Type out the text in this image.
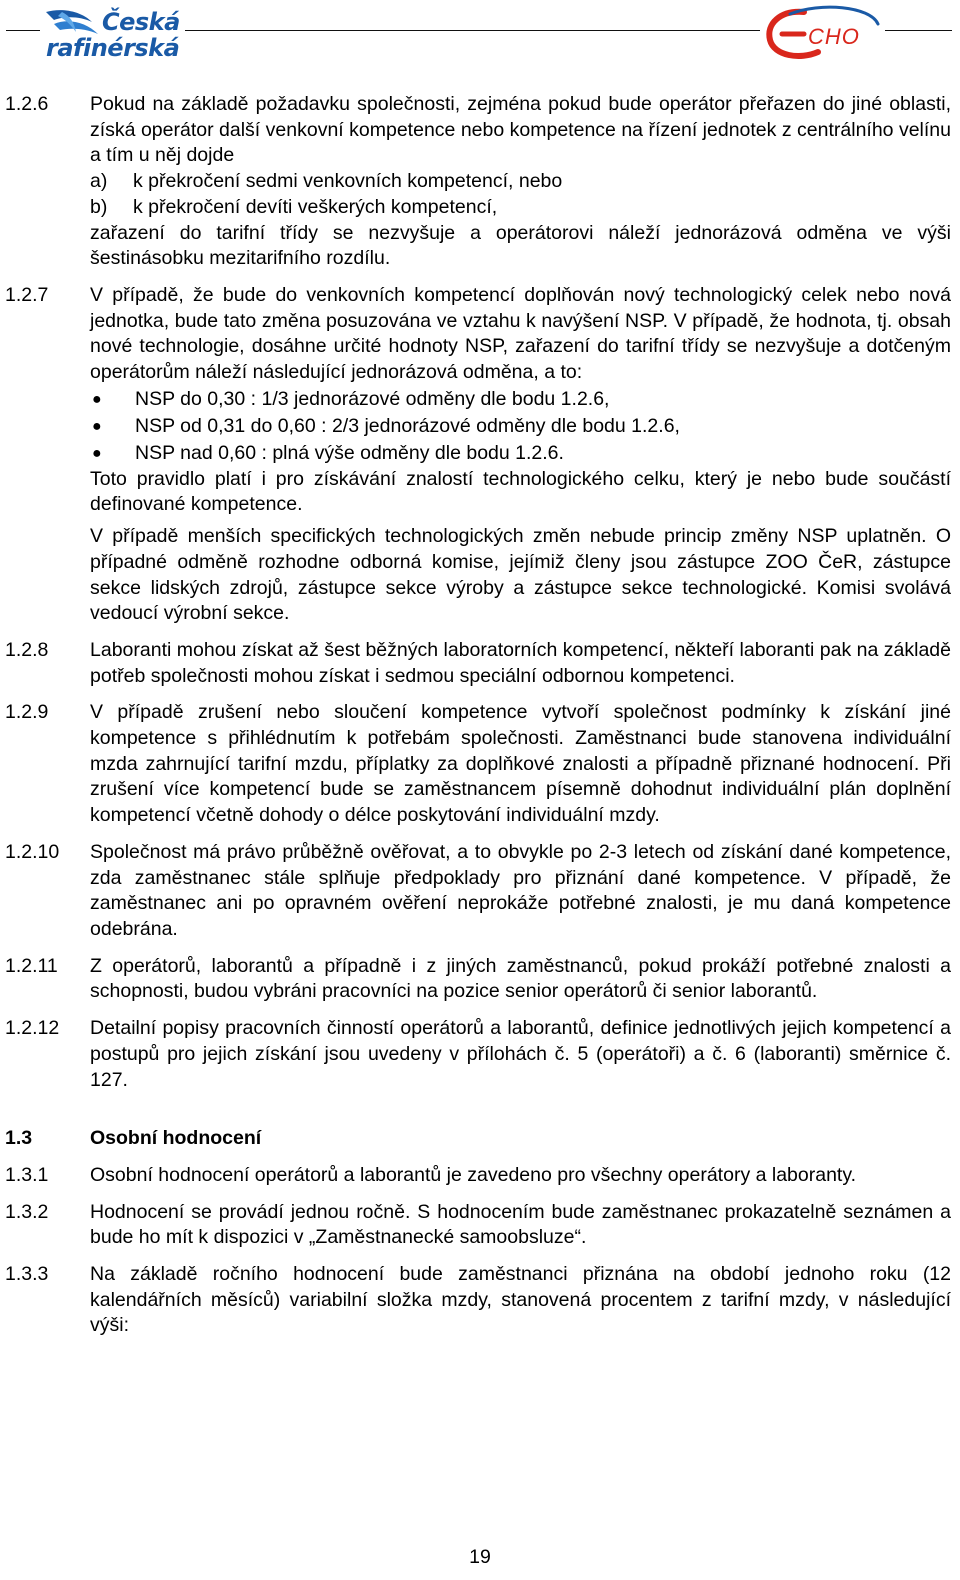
Česká
rafinérská	CHO
1.2.6	Pokud na základě požadavku společnosti, zejména pokud bude operátor přeřazen do jiné oblasti, získá operátor další venkovní kompetence nebo kompetence na řízení jednotek z centrálního velínu a tím u něj dojde

a)	k překročení sedmi venkovních kompetencí, nebo
b)	k překročení devíti veškerých kompetencí,

zařazení do tarifní třídy se nezvyšuje a operátorovi náleží jednorázová odměna ve výši šestinásobku mezitarifního rozdílu.

1.2.7	V případě, že bude do venkovních kompetencí doplňován nový technologický celek nebo nová jednotka, bude tato změna posuzována ve vztahu k navýšení NSP. V případě, že hodnota, tj. obsah nové technologie, dosáhne určité hodnoty NSP, zařazení do tarifní třídy se nezvyšuje a dotčeným operátorům náleží následující jednorázová odměna, a to:

●	NSP do 0,30 : 1/3 jednorázové odměny dle bodu 1.2.6,
●	NSP od 0,31 do 0,60 : 2/3 jednorázové odměny dle bodu 1.2.6,
●	NSP nad 0,60 : plná výše odměny dle bodu 1.2.6.

Toto pravidlo platí i pro získávání znalostí technologického celku, který je nebo bude součástí definované kompetence.

V případě menších specifických technologických změn nebude princip změny NSP uplatněn. O případné odměně rozhodne odborná komise, jejímiž členy jsou zástupce ZOO ČeR, zástupce sekce lidských zdrojů, zástupce sekce výroby a zástupce sekce technologické. Komisi svolává vedoucí výrobní sekce.

1.2.8	Laboranti mohou získat až šest běžných laboratorních kompetencí, někteří laboranti pak na základě potřeb společnosti mohou získat i sedmou speciální odbornou kompetenci.

1.2.9	V případě zrušení nebo sloučení kompetence vytvoří společnost podmínky k získání jiné kompetence s přihlédnutím k potřebám společnosti. Zaměstnanci bude stanovena individuální mzda zahrnující tarifní mzdu, příplatky za doplňkové znalosti a případně přiznané hodnocení. Při zrušení více kompetencí bude se zaměstnancem písemně dohodnut individuální plán doplnění kompetencí včetně dohody o délce poskytování individuální mzdy.

1.2.10	Společnost má právo průběžně ověřovat, a to obvykle po 2-3 letech od získání dané kompetence, zda zaměstnanec stále splňuje předpoklady pro přiznání dané kompetence. V případě, že zaměstnanec ani po opravném ověření neprokáže potřebné znalosti, je mu daná kompetence odebrána.

1.2.11	Z operátorů, laborantů a případně i z jiných zaměstnanců, pokud prokáží potřebné znalosti a schopnosti, budou vybráni pracovníci na pozice senior operátorů či senior laborantů.

1.2.12	Detailní popisy pracovních činností operátorů a laborantů, definice jednotlivých jejich kompetencí a postupů pro jejich získání jsou uvedeny v přílohách č. 5 (operátoři) a č. 6 (laboranti) směrnice č. 127.

1.3	Osobní hodnocení
1.3.1	Osobní hodnocení operátorů a laborantů je zavedeno pro všechny operátory a laboranty.

1.3.2	Hodnocení se provádí jednou ročně. S hodnocením bude zaměstnanec prokazatelně seznámen a bude ho mít k dispozici v „Zaměstnanecké samoobsluze“.

1.3.3	Na základě ročního hodnocení bude zaměstnanci přiznána na období jednoho roku (12 kalendářních měsíců) variabilní složka mzdy, stanovená procentem z tarifní mzdy, v následující výši:

19
